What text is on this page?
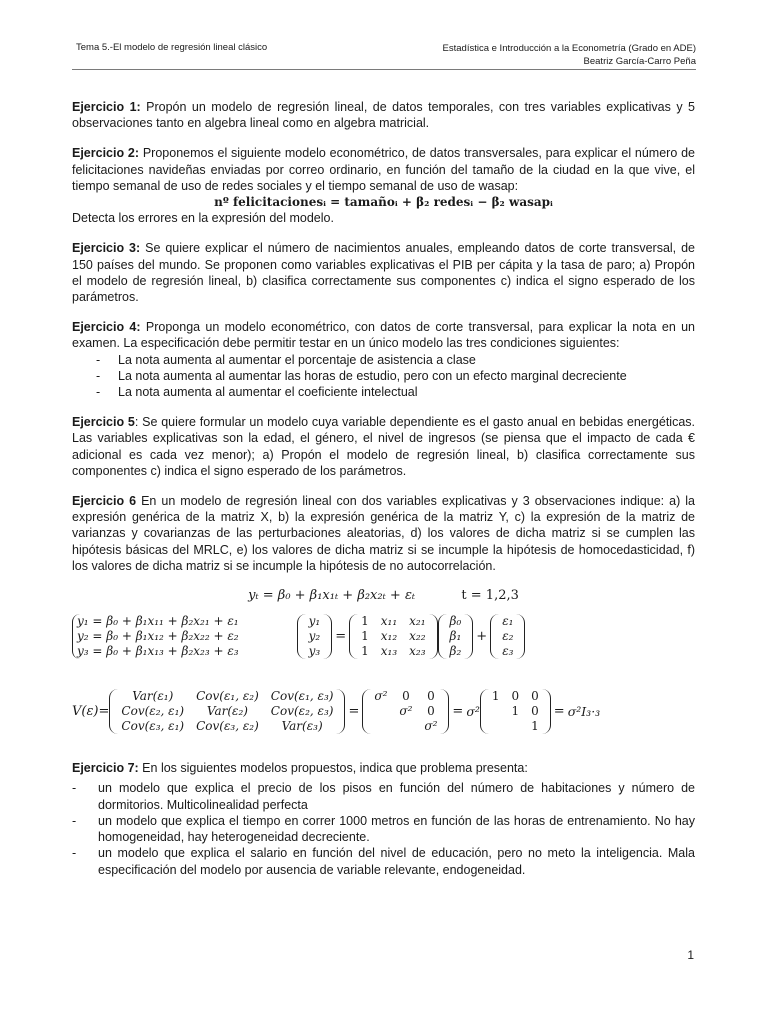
Tema 5.-El modelo de regresión lineal clásico	Estadística e Introducción a la Econometría (Grado en ADE)
Beatriz García-Carro Peña

Ejercicio 1: Propón un modelo de regresión lineal, de datos temporales, con tres variables explicativas y 5 observaciones tanto en algebra lineal como en algebra matricial.

Ejercicio 2: Proponemos el siguiente modelo econométrico, de datos transversales, para explicar el número de felicitaciones navideñas enviadas por correo ordinario, en función del tamaño de la ciudad en la que vive, el tiempo semanal de uso de redes sociales y el tiempo semanal de uso de wasap:
nº felicitacionesᵢ = tamañoᵢ + β₂ redesᵢ − β₂ wasapᵢ
Detecta los errores en la expresión del modelo.

Ejercicio 3: Se quiere explicar el número de nacimientos anuales, empleando datos de corte transversal, de 150 países del mundo. Se proponen como variables explicativas el PIB per cápita y la tasa de paro; a) Propón el modelo de regresión lineal, b) clasifica correctamente sus componentes c) indica el signo esperado de los parámetros.

Ejercicio 4: Proponga un modelo econométrico, con datos de corte transversal, para explicar la nota en un examen. La especificación debe permitir testar en un único modelo las tres condiciones siguientes:
- La nota aumenta al aumentar el porcentaje de asistencia a clase
- La nota aumenta al aumentar las horas de estudio, pero con un efecto marginal decreciente
- La nota aumenta al aumentar el coeficiente intelectual

Ejercicio 5: Se quiere formular un modelo cuya variable dependiente es el gasto anual en bebidas energéticas. Las variables explicativas son la edad, el género, el nivel de ingresos (se piensa que el impacto de cada € adicional es cada vez menor); a) Propón el modelo de regresión lineal, b) clasifica correctamente sus componentes c) indica el signo esperado de los parámetros.

Ejercicio 6 En un modelo de regresión lineal con dos variables explicativas y 3 observaciones indique: a) la expresión genérica de la matriz X, b) la expresión genérica de la matriz Y, c) la expresión de la matriz de varianzas y covarianzas de las perturbaciones aleatorias, d) los valores de dicha matriz si se cumplen las hipótesis básicas del MRLC, e) los valores de dicha matriz si se incumple la hipótesis de homocedasticidad, f) los valores de dicha matriz si se incumple la hipótesis de no autocorrelación.
yₜ = β₀ + β₁x₁ₜ + β₂x₂ₜ + εₜ	t = 1,2,3
y₁ = β₀ + β₁x₁₁ + β₂x₂₁ + ε₁
y₂ = β₀ + β₁x₁₂ + β₂x₂₂ + ε₂
y₃ = β₀ + β₁x₁₃ + β₂x₂₃ + ε₃
y₁
y₂
y₃
=
1	x₁₁	x₂₁
1	x₁₂	x₂₂
1	x₁₃	x₂₃
β₀
β₁
β₂
+
ε₁
ε₂
ε₃
V(ε)=
Var(ε₁)	Cov(ε₁, ε₂)	Cov(ε₁, ε₃)
Cov(ε₂, ε₁)	Var(ε₂)	Cov(ε₂, ε₃)
Cov(ε₃, ε₁)	Cov(ε₃, ε₂)	Var(ε₃)
=
σ²	0	0
	σ²	0
		σ²
= σ²
1	0	0
	1	0
		1
= σ²I₃·₃
Ejercicio 7: En los siguientes modelos propuestos, indica que problema presenta:
- un modelo que explica el precio de los pisos en función del número de habitaciones y número de dormitorios. Multicolinealidad perfecta
- un modelo que explica el tiempo en correr 1000 metros en función de las horas de entrenamiento. No hay homogeneidad, hay heterogeneidad decreciente.
- un modelo que explica el salario en función del nivel de educación, pero no meto la inteligencia. Mala especificación del modelo por ausencia de variable relevante, endogeneidad.
1
